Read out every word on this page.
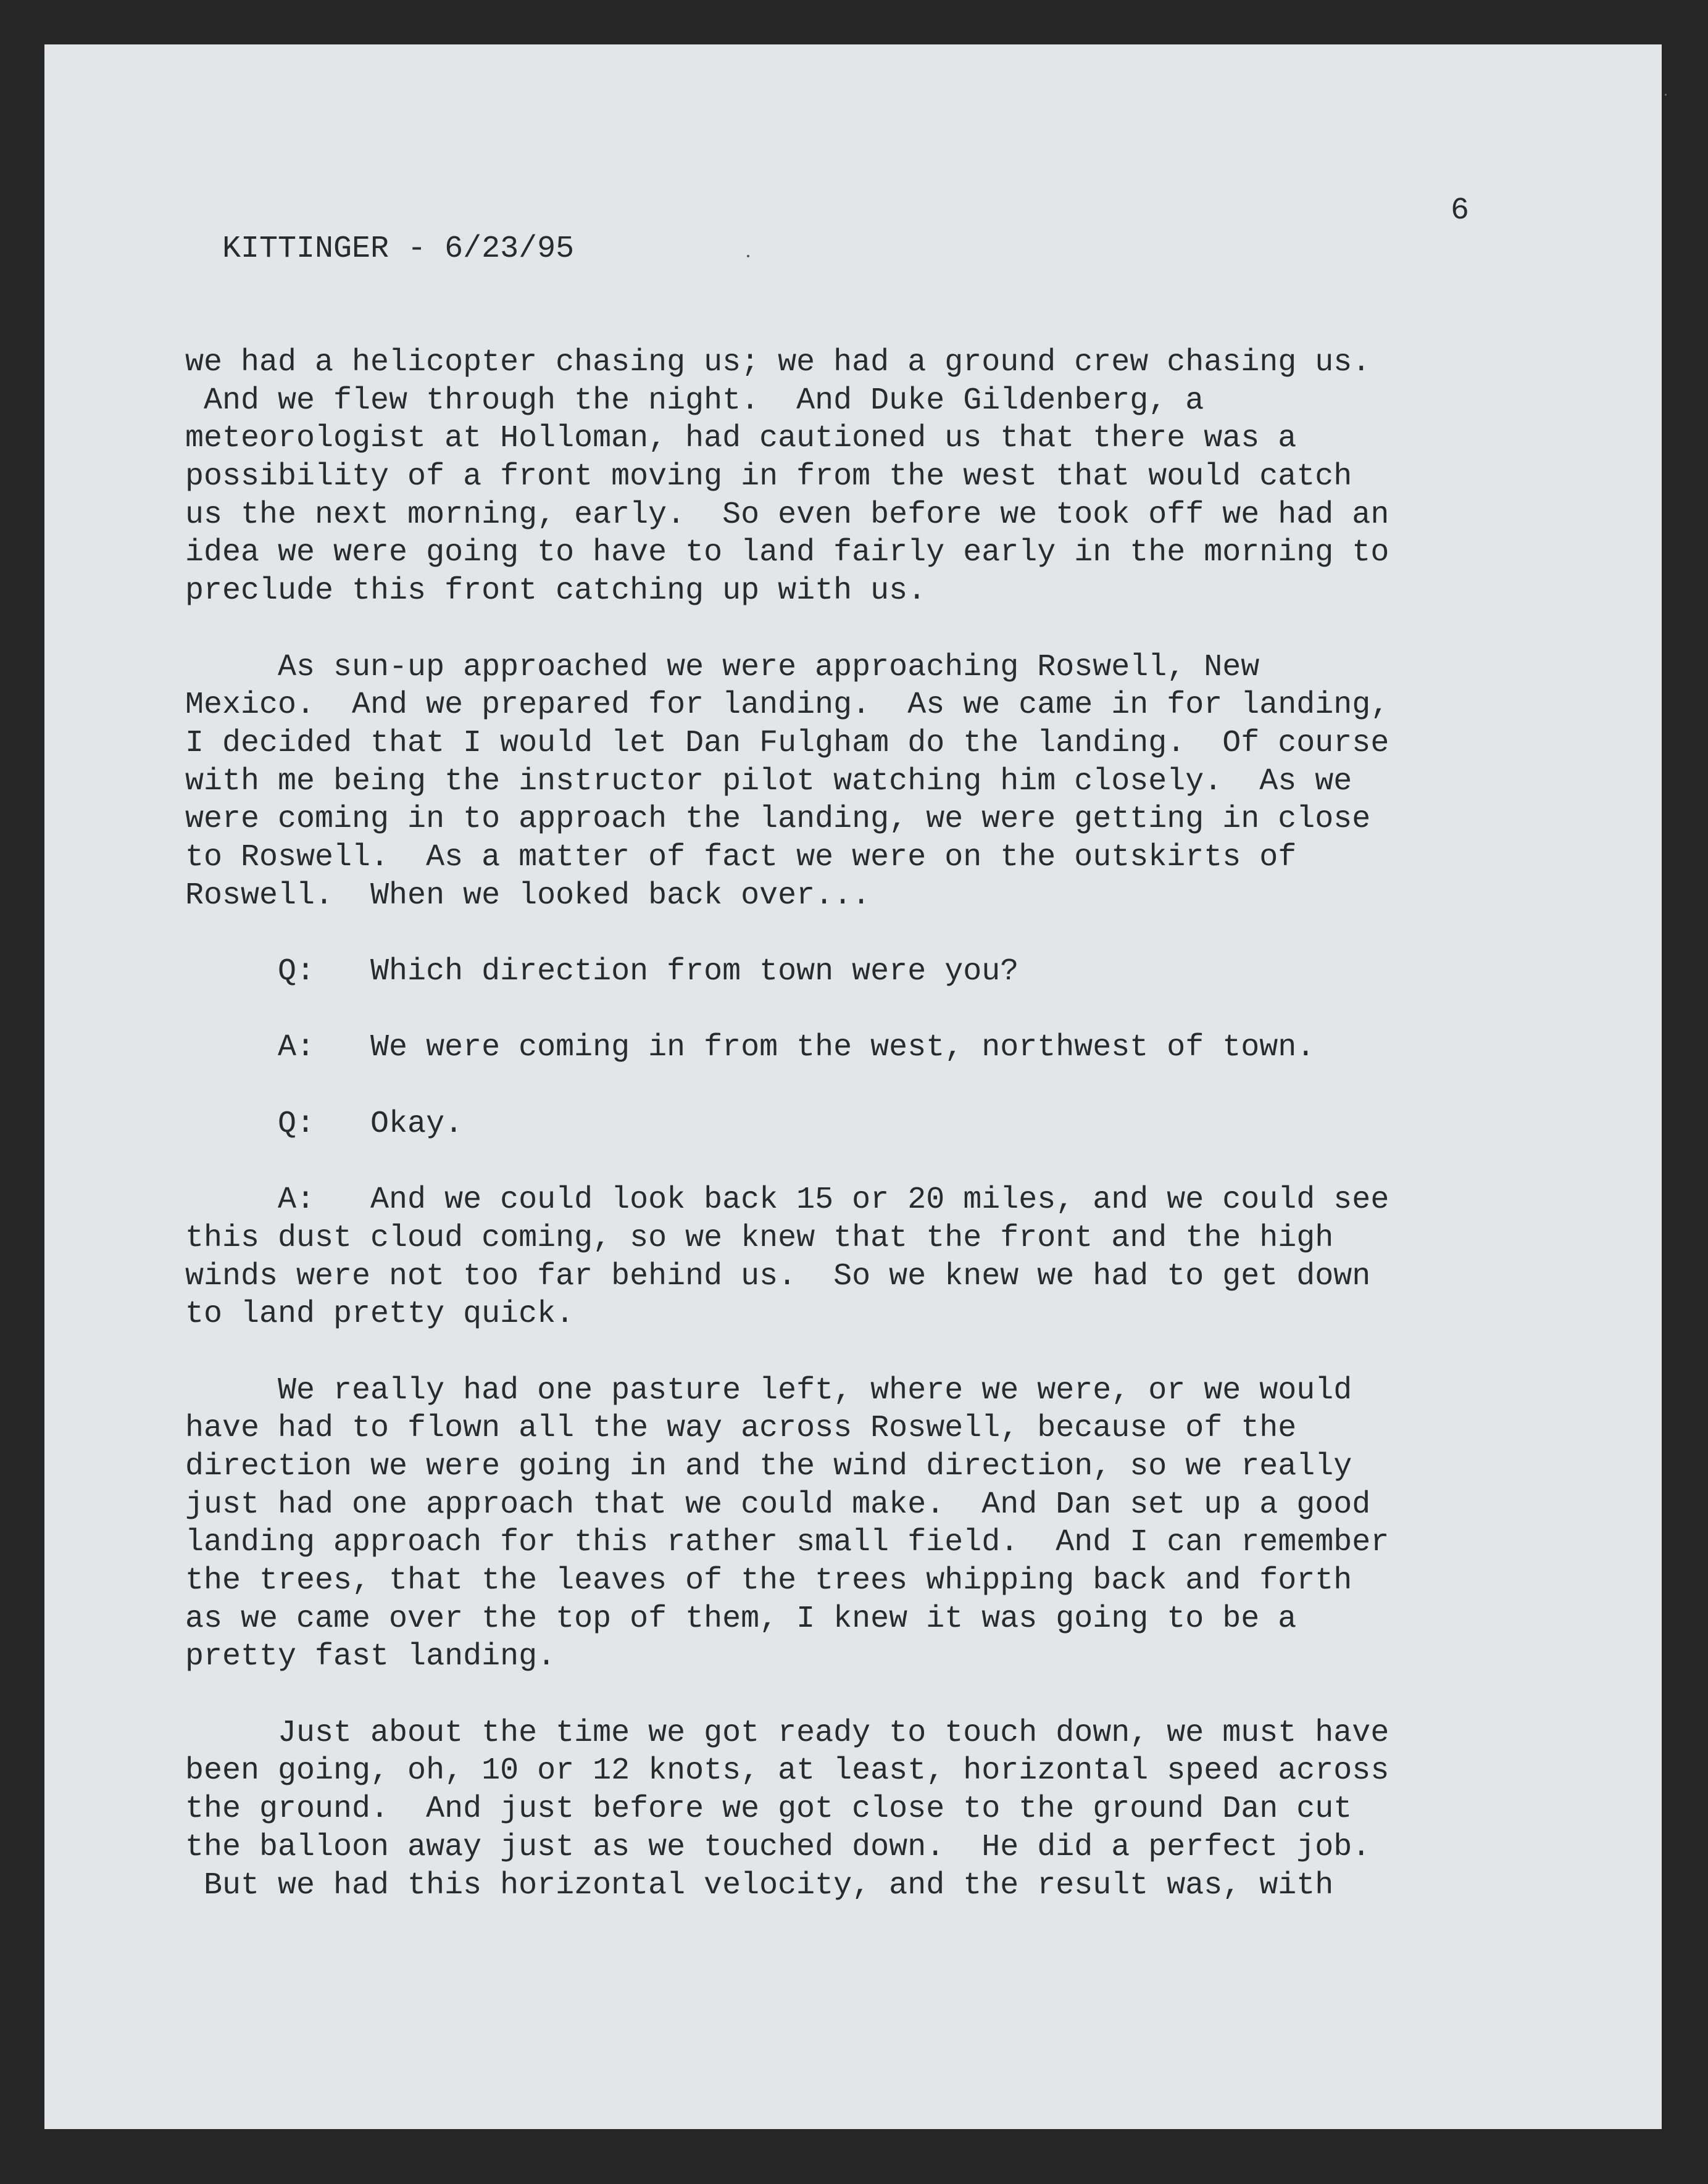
KITTINGER - 6/23/95

6

we had a helicopter chasing us; we had a ground crew chasing us.
And we flew through the night.  And Duke Gildenberg, a
meteorologist at Holloman, had cautioned us that there was a
possibility of a front moving in from the west that would catch
us the next morning, early.  So even before we took off we had an
idea we were going to have to land fairly early in the morning to
preclude this front catching up with us.
As sun-up approached we were approaching Roswell, New
Mexico.  And we prepared for landing.  As we came in for landing,
I decided that I would let Dan Fulgham do the landing.  Of course
with me being the instructor pilot watching him closely.  As we
were coming in to approach the landing, we were getting in close
to Roswell.  As a matter of fact we were on the outskirts of
Roswell.  When we looked back over...
Q:   Which direction from town were you?
A:   We were coming in from the west, northwest of town.
Q:   Okay.
A:   And we could look back 15 or 20 miles, and we could see
this dust cloud coming, so we knew that the front and the high
winds were not too far behind us.  So we knew we had to get down
to land pretty quick.
We really had one pasture left, where we were, or we would
have had to flown all the way across Roswell, because of the
direction we were going in and the wind direction, so we really
just had one approach that we could make.  And Dan set up a good
landing approach for this rather small field.  And I can remember
the trees, that the leaves of the trees whipping back and forth
as we came over the top of them, I knew it was going to be a
pretty fast landing.
Just about the time we got ready to touch down, we must have
been going, oh, 10 or 12 knots, at least, horizontal speed across
the ground.  And just before we got close to the ground Dan cut
the balloon away just as we touched down.  He did a perfect job.
But we had this horizontal velocity, and the result was, with
